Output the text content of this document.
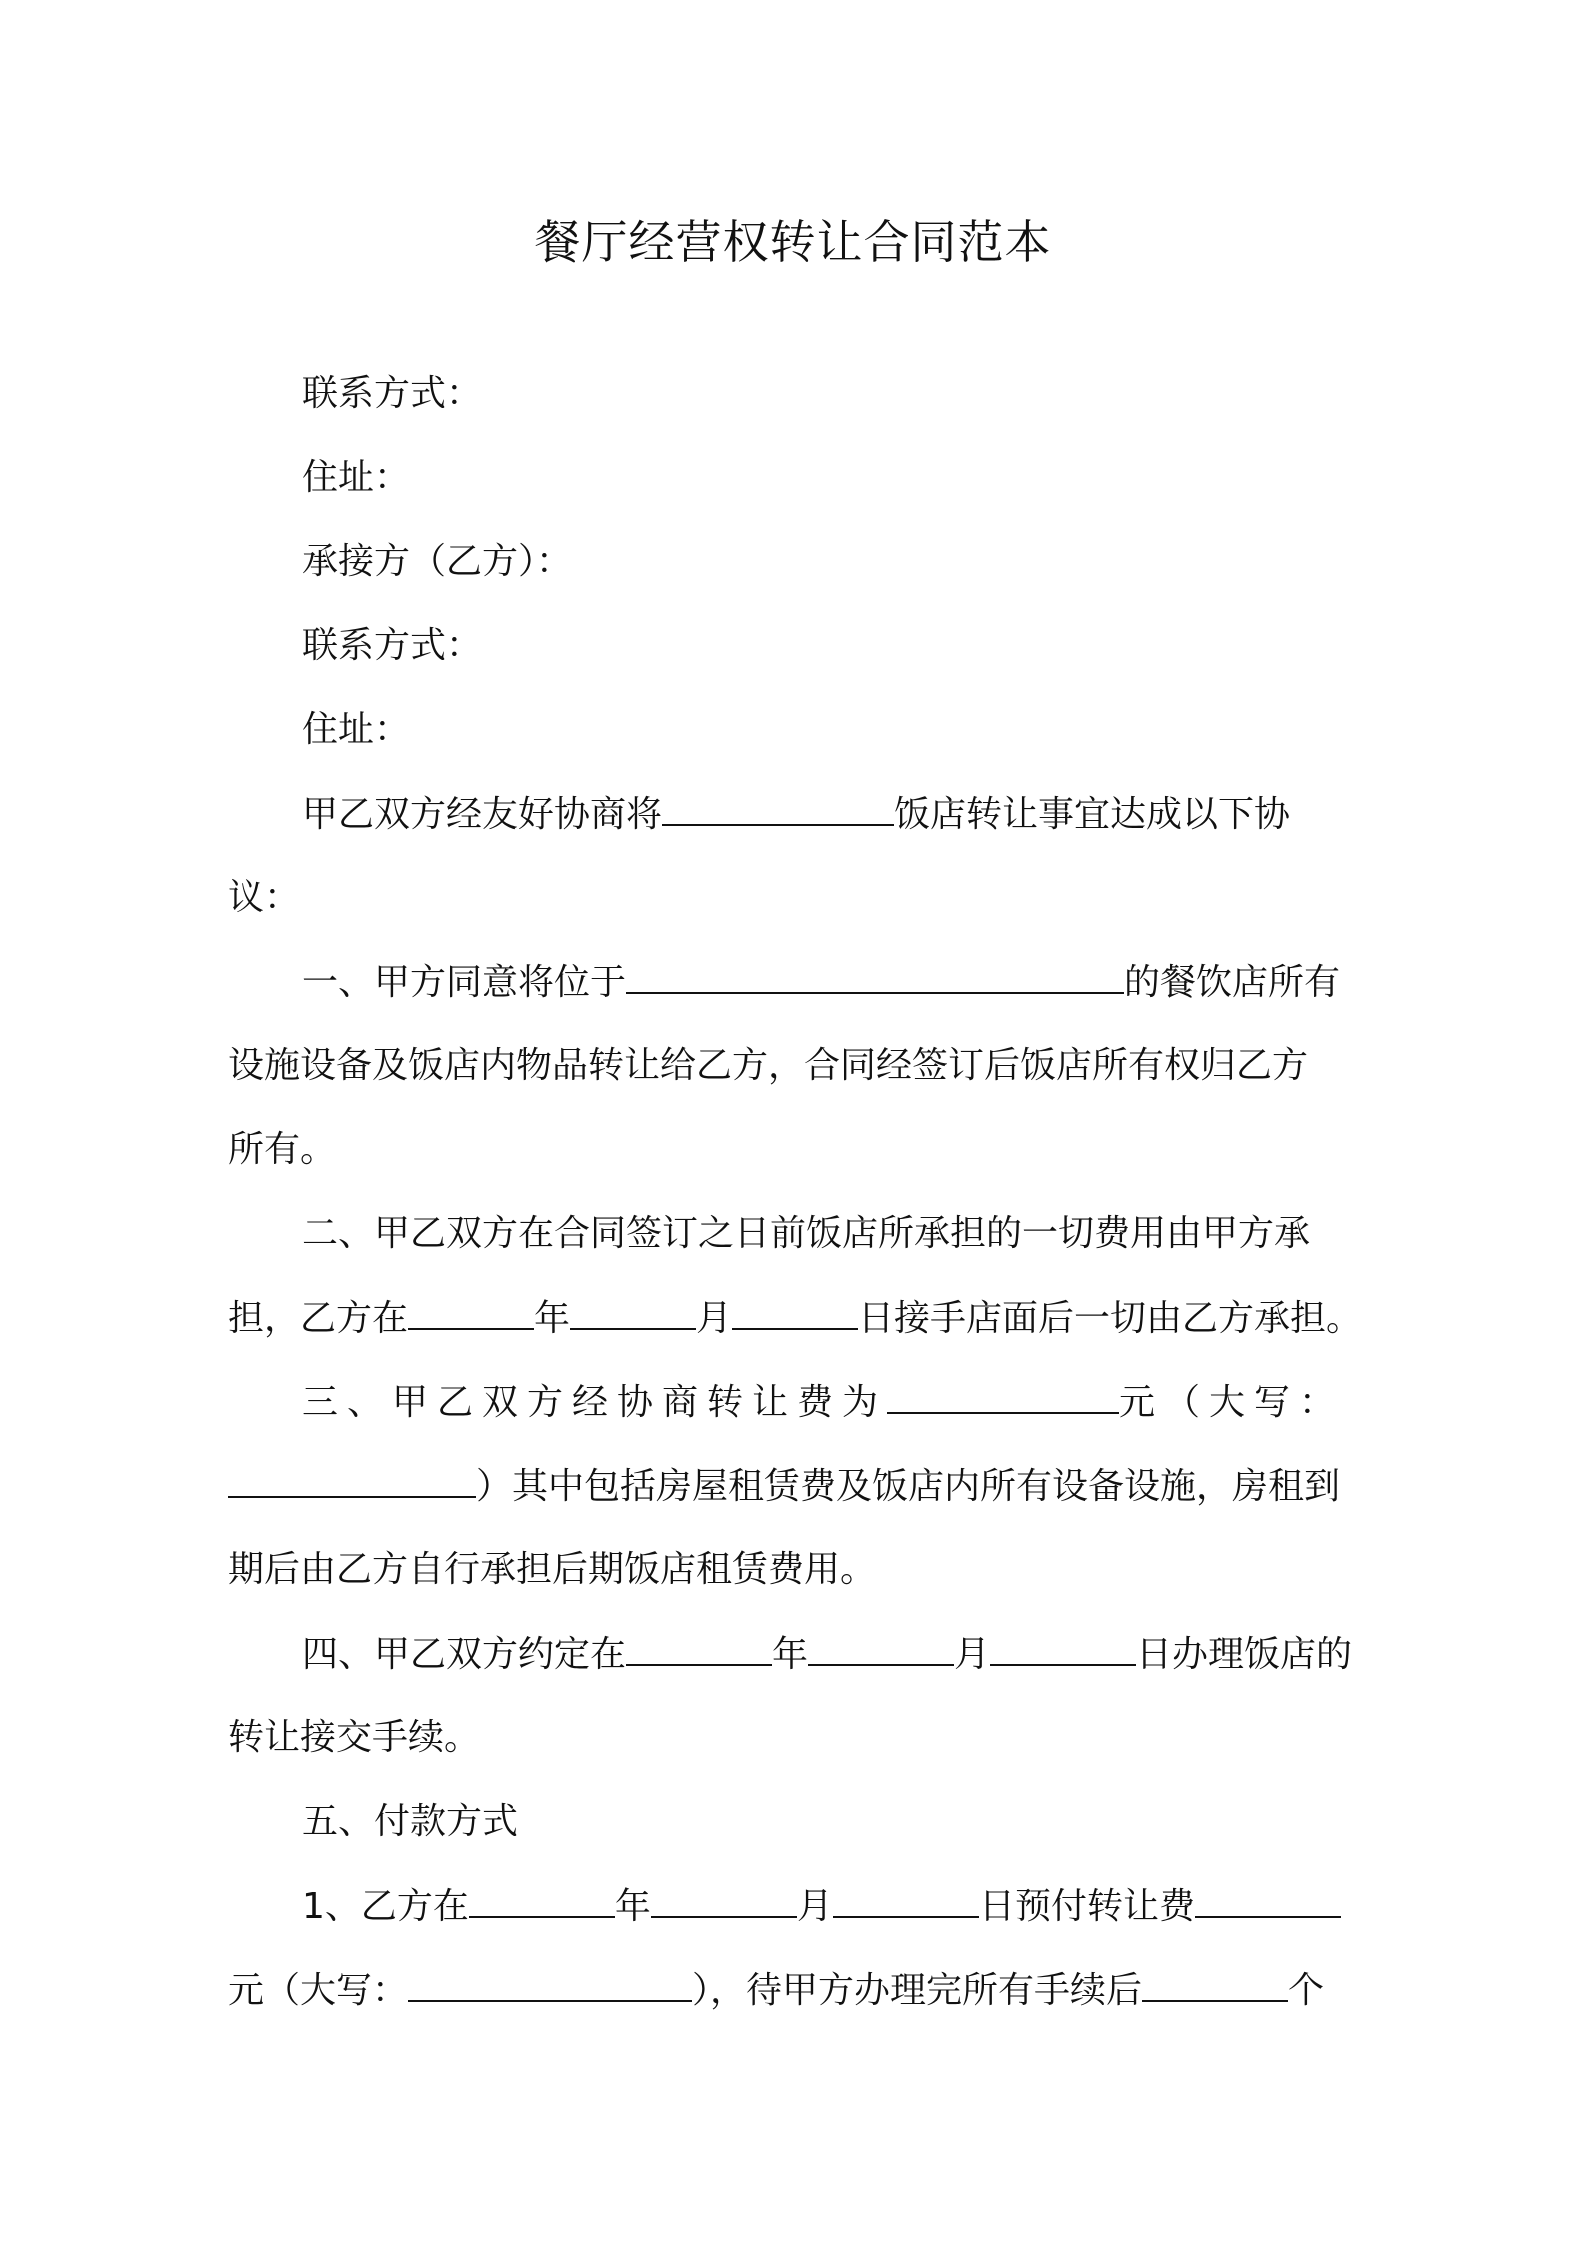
餐厅经营权转让合同范本
联系方式：
住址：
承接方（乙方）：
联系方式：
住址：
甲乙双方经友好协商将	饭店转让事宜达成以下协
议：
一、甲方同意将位于	的餐饮店所有
设施设备及饭店内物品转让给乙方，合同经签订后饭店所有权归乙方
所有。
二、甲乙双方在合同签订之日前饭店所承担的一切费用由甲方承
担，乙方在	年	月	日接手店面后一切由乙方承担。
三、甲乙双方经协商转让费为	元（大写：
）其中包括房屋租赁费及饭店内所有设备设施，房租到
期后由乙方自行承担后期饭店租赁费用。
四、甲乙双方约定在	年	月	日办理饭店的
转让接交手续。
五、付款方式
1、乙方在	年	月	日预付转让费
元（大写：	），待甲方办理完所有手续后	个
